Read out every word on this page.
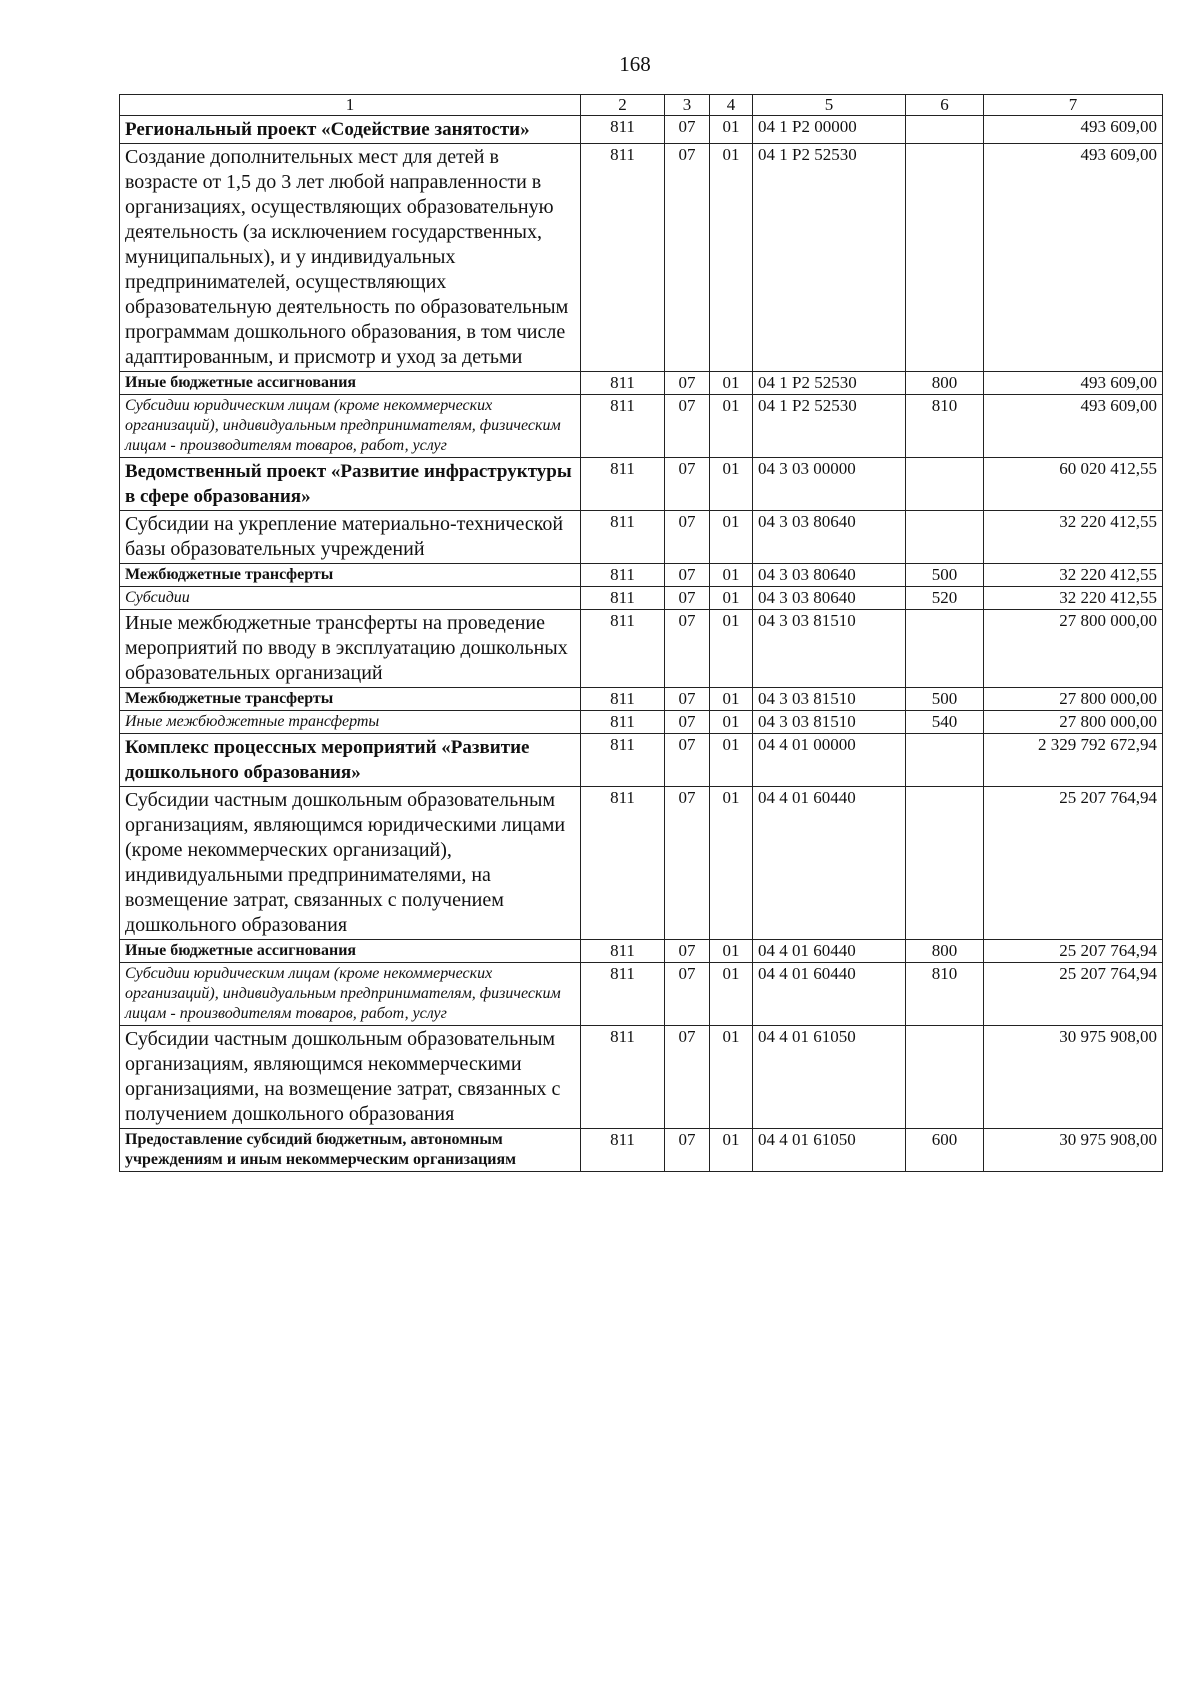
168
1	2	3	4	5	6	7
Региональный проект «Содействие занятости»	811	07	01	04 1 P2 00000		493 609,00
Создание дополнительных мест для детей в возрасте от 1,5 до 3 лет любой направленности в организациях, осуществляющих образовательную деятельность (за исключением государственных, муниципальных), и у индивидуальных предпринимателей, осуществляющих образовательную деятельность по образовательным программам дошкольного образования, в том числе адаптированным, и присмотр и уход за детьми	811	07	01	04 1 P2 52530		493 609,00
Иные бюджетные ассигнования	811	07	01	04 1 P2 52530	800	493 609,00
Субсидии юридическим лицам (кроме некоммерческих организаций), индивидуальным предпринимателям, физическим лицам - производителям товаров, работ, услуг	811	07	01	04 1 P2 52530	810	493 609,00
Ведомственный проект «Развитие инфраструктуры в сфере образования»	811	07	01	04 3 03 00000		60 020 412,55
Субсидии на укрепление материально-технической базы образовательных учреждений	811	07	01	04 3 03 80640		32 220 412,55
Межбюджетные трансферты	811	07	01	04 3 03 80640	500	32 220 412,55
Субсидии	811	07	01	04 3 03 80640	520	32 220 412,55
Иные межбюджетные трансферты на проведение мероприятий по вводу в эксплуатацию дошкольных образовательных организаций	811	07	01	04 3 03 81510		27 800 000,00
Межбюджетные трансферты	811	07	01	04 3 03 81510	500	27 800 000,00
Иные межбюджетные трансферты	811	07	01	04 3 03 81510	540	27 800 000,00
Комплекс процессных мероприятий «Развитие дошкольного образования»	811	07	01	04 4 01 00000		2 329 792 672,94
Субсидии частным дошкольным образовательным организациям, являющимся юридическими лицами (кроме некоммерческих организаций), индивидуальными предпринимателями, на возмещение затрат, связанных с получением дошкольного образования	811	07	01	04 4 01 60440		25 207 764,94
Иные бюджетные ассигнования	811	07	01	04 4 01 60440	800	25 207 764,94
Субсидии юридическим лицам (кроме некоммерческих организаций), индивидуальным предпринимателям, физическим лицам - производителям товаров, работ, услуг	811	07	01	04 4 01 60440	810	25 207 764,94
Субсидии частным дошкольным образовательным организациям, являющимся некоммерческими организациями, на возмещение затрат, связанных с получением дошкольного образования	811	07	01	04 4 01 61050		30 975 908,00
Предоставление субсидий бюджетным, автономным учреждениям и иным некоммерческим организациям	811	07	01	04 4 01 61050	600	30 975 908,00
